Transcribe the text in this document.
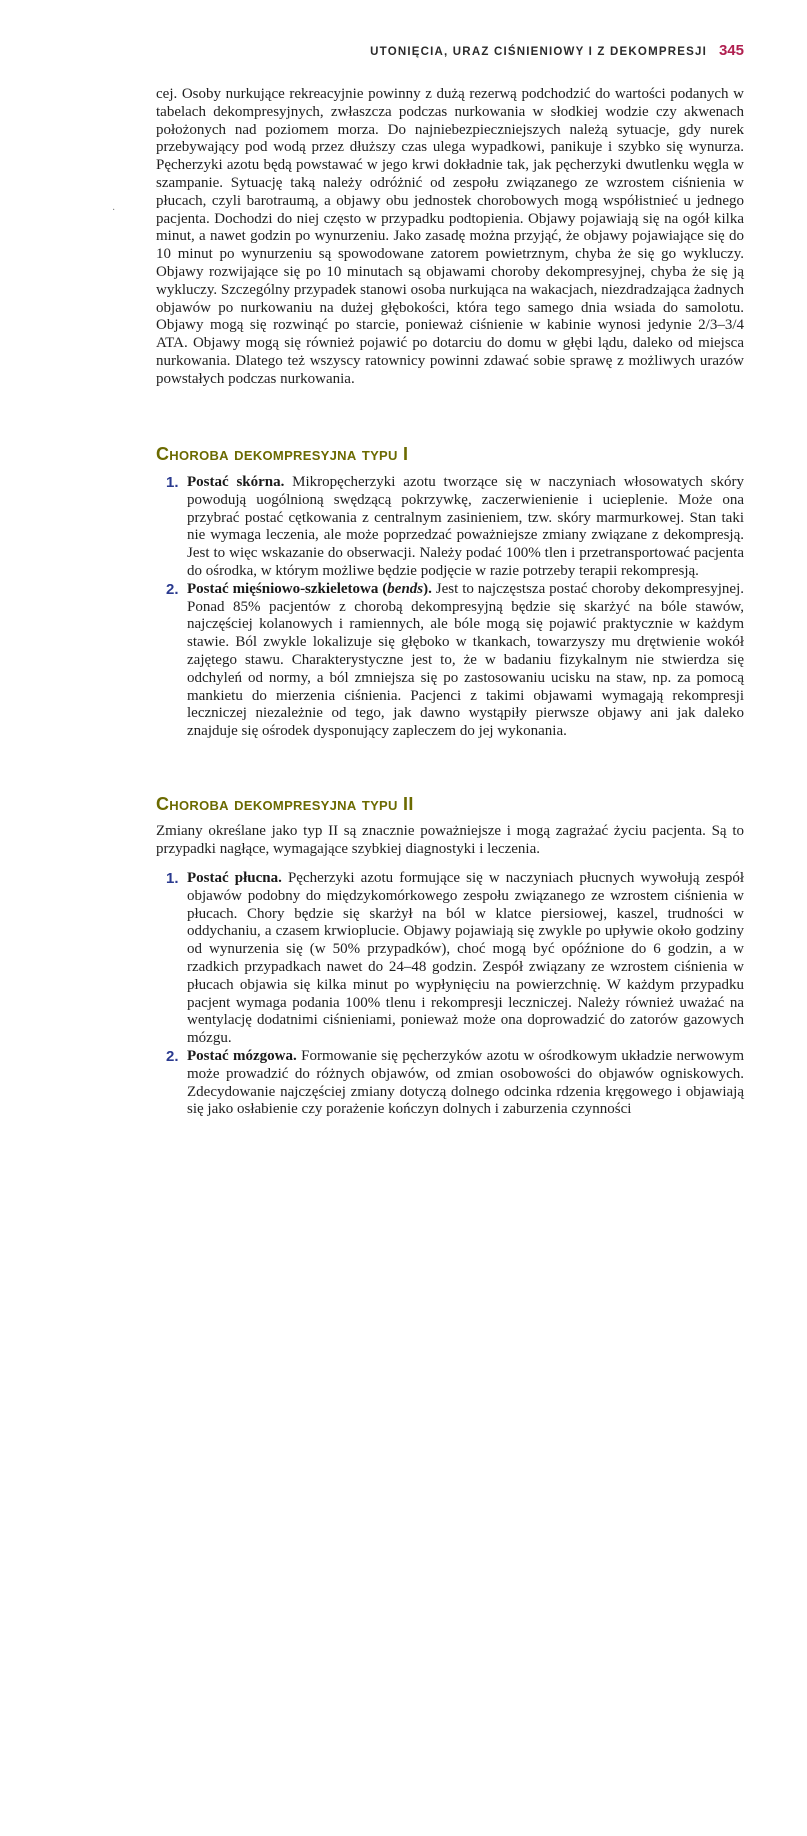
UTONIĘCIA, URAZ CIŚNIENIOWY I Z DEKOMPRESJI 345

cej. Osoby nurkujące rekreacyjnie powinny z dużą rezerwą podchodzić do wartości podanych w tabelach dekompresyjnych, zwłaszcza podczas nurkowania w słodkiej wodzie czy akwenach położonych nad poziomem morza. Do najniebezpieczniejszych należą sytuacje, gdy nurek przebywający pod wodą przez dłuższy czas ulega wypadkowi, panikuje i szybko się wynurza. Pęcherzyki azotu będą powstawać w jego krwi dokładnie tak, jak pęcherzyki dwutlenku węgla w szampanie. Sytuację taką należy odróżnić od zespołu związanego ze wzrostem ciśnienia w płucach, czyli barotraumą, a objawy obu jednostek chorobowych mogą współistnieć u jednego pacjenta. Dochodzi do niej często w przypadku podtopienia. Objawy pojawiają się na ogół kilka minut, a nawet godzin po wynurzeniu. Jako zasadę można przyjąć, że objawy pojawiające się do 10 minut po wynurzeniu są spowodowane zatorem powietrznym, chyba że się go wykluczy. Objawy rozwijające się po 10 minutach są objawami choroby dekompresyjnej, chyba że się ją wykluczy. Szczególny przypadek stanowi osoba nurkująca na wakacjach, niezdradzająca żadnych objawów po nurkowaniu na dużej głębokości, która tego samego dnia wsiada do samolotu. Objawy mogą się rozwinąć po starcie, ponieważ ciśnienie w kabinie wynosi jedynie 2/3–3/4 ATA. Objawy mogą się również pojawić po dotarciu do domu w głębi lądu, daleko od miejsca nurkowania. Dlatego też wszyscy ratownicy powinni zdawać sobie sprawę z możliwych urazów powstałych podczas nurkowania.

·
Choroba dekompresyjna typu I
1. Postać skórna. Mikropęcherzyki azotu tworzące się w naczyniach włosowatych skóry powodują uogólnioną swędzącą pokrzywkę, zaczerwienienie i ucieplenie. Może ona przybrać postać cętkowania z centralnym zasinieniem, tzw. skóry marmurkowej. Stan taki nie wymaga leczenia, ale może poprzedzać poważniejsze zmiany związane z dekompresją. Jest to więc wskazanie do obserwacji. Należy podać 100% tlen i przetransportować pacjenta do ośrodka, w którym możliwe będzie podjęcie w razie potrzeby terapii rekompresją.

2. Postać mięśniowo-szkieletowa (bends). Jest to najczęstsza postać choroby dekompresyjnej. Ponad 85% pacjentów z chorobą dekompresyjną będzie się skarżyć na bóle stawów, najczęściej kolanowych i ramiennych, ale bóle mogą się pojawić praktycznie w każdym stawie. Ból zwykle lokalizuje się głęboko w tkankach, towarzyszy mu drętwienie wokół zajętego stawu. Charakterystyczne jest to, że w badaniu fizykalnym nie stwierdza się odchyleń od normy, a ból zmniejsza się po zastosowaniu ucisku na staw, np. za pomocą mankietu do mierzenia ciśnienia. Pacjenci z takimi objawami wymagają rekompresji leczniczej niezależnie od tego, jak dawno wystąpiły pierwsze objawy ani jak daleko znajduje się ośrodek dysponujący zapleczem do jej wykonania.

Choroba dekompresyjna typu II

Zmiany określane jako typ II są znacznie poważniejsze i mogą zagrażać życiu pacjenta. Są to przypadki nagłące, wymagające szybkiej diagnostyki i leczenia.

1. Postać płucna. Pęcherzyki azotu formujące się w naczyniach płucnych wywołują zespół objawów podobny do międzykomórkowego zespołu związanego ze wzrostem ciśnienia w płucach. Chory będzie się skarżył na ból w klatce piersiowej, kaszel, trudności w oddychaniu, a czasem krwioplucie. Objawy pojawiają się zwykle po upływie około godziny od wynurzenia się (w 50% przypadków), choć mogą być opóźnione do 6 godzin, a w rzadkich przypadkach nawet do 24–48 godzin. Zespół związany ze wzrostem ciśnienia w płucach objawia się kilka minut po wypłynięciu na powierzchnię. W każdym przypadku pacjent wymaga podania 100% tlenu i rekompresji leczniczej. Należy również uważać na wentylację dodatnimi ciśnieniami, ponieważ może ona doprowadzić do zatorów gazowych mózgu.

2. Postać mózgowa. Formowanie się pęcherzyków azotu w ośrodkowym układzie nerwowym może prowadzić do różnych objawów, od zmian osobowości do objawów ogniskowych. Zdecydowanie najczęściej zmiany dotyczą dolnego odcinka rdzenia kręgowego i objawiają się jako osłabienie czy porażenie kończyn dolnych i zaburzenia czynności
